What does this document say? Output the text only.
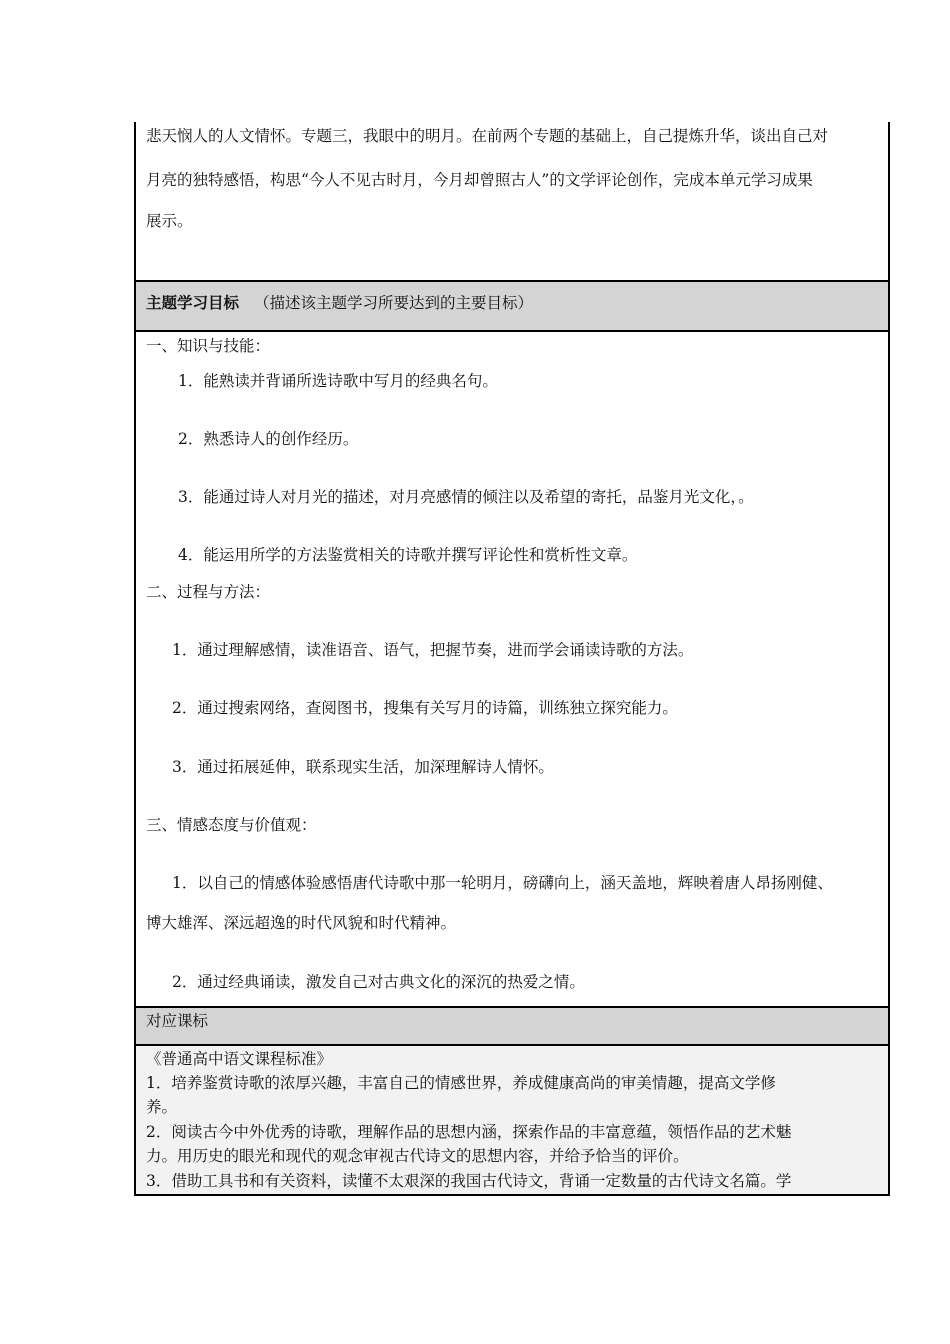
悲天悯人的人文情怀。专题三，我眼中的明月。在前两个专题的基础上，自己提炼升华，谈出自己对
月亮的独特感悟，构思“今人不见古时月，今月却曾照古人”的文学评论创作，完成本单元学习成果
展示。
主题学习目标 （描述该主题学习所要达到的主要目标）
一、知识与技能：
1．能熟读并背诵所选诗歌中写月的经典名句。
2．熟悉诗人的创作经历。
3．能通过诗人对月光的描述，对月亮感情的倾注以及希望的寄托，品鉴月光文化，。
4．能运用所学的方法鉴赏相关的诗歌并撰写评论性和赏析性文章。
二、过程与方法：
1．通过理解感情，读准语音、语气，把握节奏，进而学会诵读诗歌的方法。
2．通过搜索网络，查阅图书，搜集有关写月的诗篇，训练独立探究能力。
3．通过拓展延伸，联系现实生活，加深理解诗人情怀。
三、情感态度与价值观：
1．以自己的情感体验感悟唐代诗歌中那一轮明月，磅礴向上，涵天盖地，辉映着唐人昂扬刚健、
博大雄浑、深远超逸的时代风貌和时代精神。
2．通过经典诵读，激发自己对古典文化的深沉的热爱之情。
对应课标
《普通高中语文课程标准》
1．培养鉴赏诗歌的浓厚兴趣，丰富自己的情感世界，养成健康高尚的审美情趣，提高文学修
养。
2．阅读古今中外优秀的诗歌，理解作品的思想内涵，探索作品的丰富意蕴，领悟作品的艺术魅
力。用历史的眼光和现代的观念审视古代诗文的思想内容，并给予恰当的评价。
3．借助工具书和有关资料，读懂不太艰深的我国古代诗文，背诵一定数量的古代诗文名篇。学
